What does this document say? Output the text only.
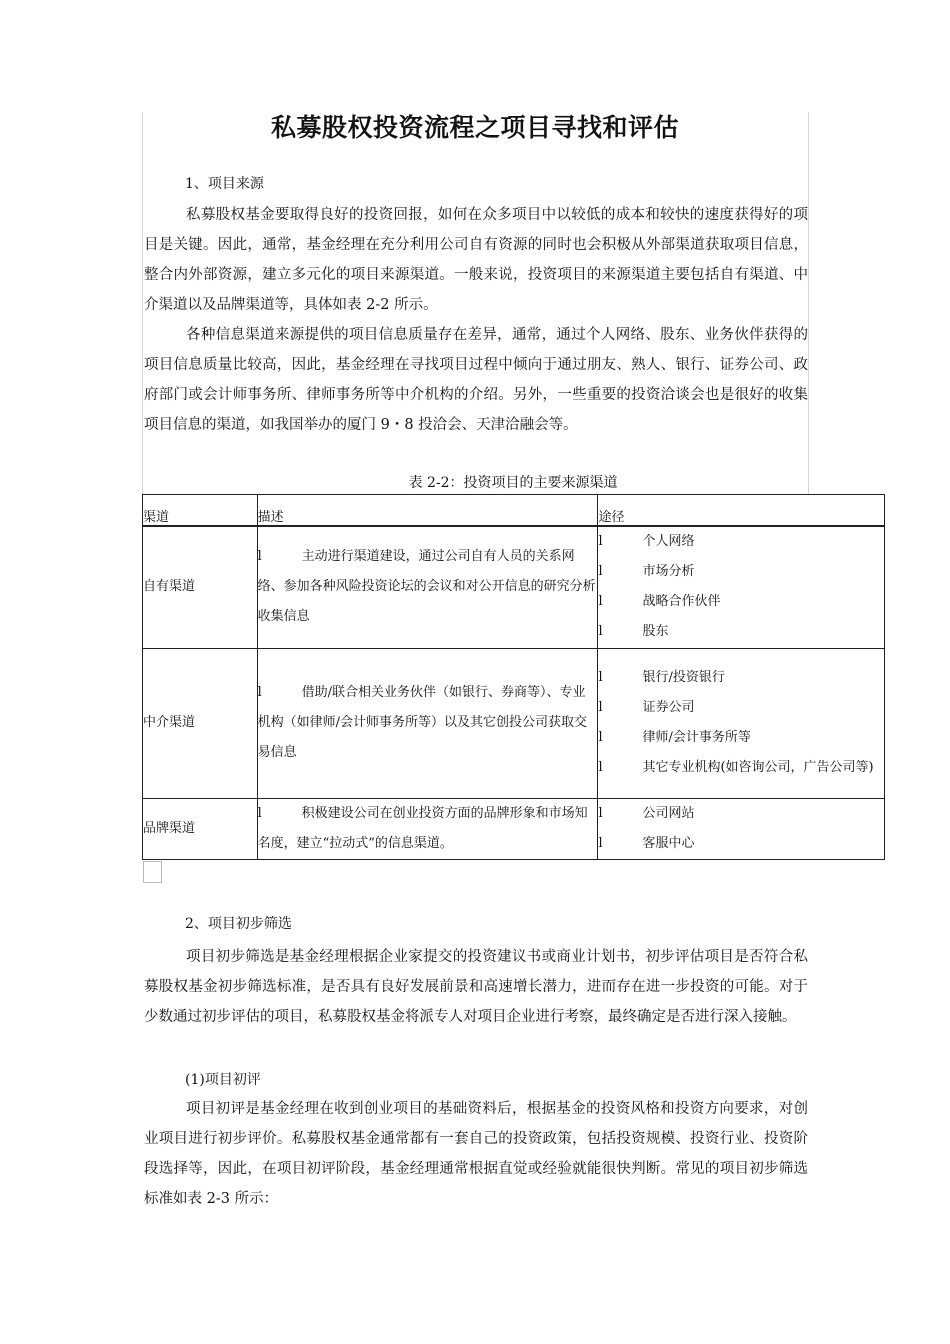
私募股权投资流程之项目寻找和评估
1、项目来源

私募股权基金要取得良好的投资回报，如何在众多项目中以较低的成本和较快的速度获得好的项目是关键。因此，通常，基金经理在充分利用公司自有资源的同时也会积极从外部渠道获取项目信息，整合内外部资源，建立多元化的项目来源渠道。一般来说，投资项目的来源渠道主要包括自有渠道、中介渠道以及品牌渠道等，具体如表 2-2 所示。

各种信息渠道来源提供的项目信息质量存在差异，通常，通过个人网络、股东、业务伙伴获得的项目信息质量比较高，因此，基金经理在寻找项目过程中倾向于通过朋友、熟人、银行、证券公司、政府部门或会计师事务所、律师事务所等中介机构的介绍。另外，一些重要的投资洽谈会也是很好的收集项目信息的渠道，如我国举办的厦门 9・8 投洽会、天津洽融会等。

表 2-2：投资项目的主要来源渠道
渠道	描述	途径
自有渠道	l 主动进行渠道建设，通过公司自有人员的关系网络、参加各种风险投资论坛的会议和对公开信息的研究分析收集信息	l 个人网络
l 市场分析
l 战略合作伙伴
l 股东

中介渠道	l 借助/联合相关业务伙伴（如银行、券商等）、专业机构（如律师/会计师事务所等）以及其它创投公司获取交易信息	l 银行/投资银行
l 证券公司
l 律师/会计事务所等
l 其它专业机构(如咨询公司，广告公司等)

品牌渠道	l 积极建设公司在创业投资方面的品牌形象和市场知名度，建立“拉动式”的信息渠道。	l 公司网站
l 客服中心
2、项目初步筛选

项目初步筛选是基金经理根据企业家提交的投资建议书或商业计划书，初步评估项目是否符合私募股权基金初步筛选标准，是否具有良好发展前景和高速增长潜力，进而存在进一步投资的可能。对于少数通过初步评估的项目，私募股权基金将派专人对项目企业进行考察，最终确定是否进行深入接触。

(1)项目初评

项目初评是基金经理在收到创业项目的基础资料后，根据基金的投资风格和投资方向要求，对创业项目进行初步评价。私募股权基金通常都有一套自己的投资政策，包括投资规模、投资行业、投资阶段选择等，因此，在项目初评阶段，基金经理通常根据直觉或经验就能很快判断。常见的项目初步筛选标准如表 2-3 所示：
